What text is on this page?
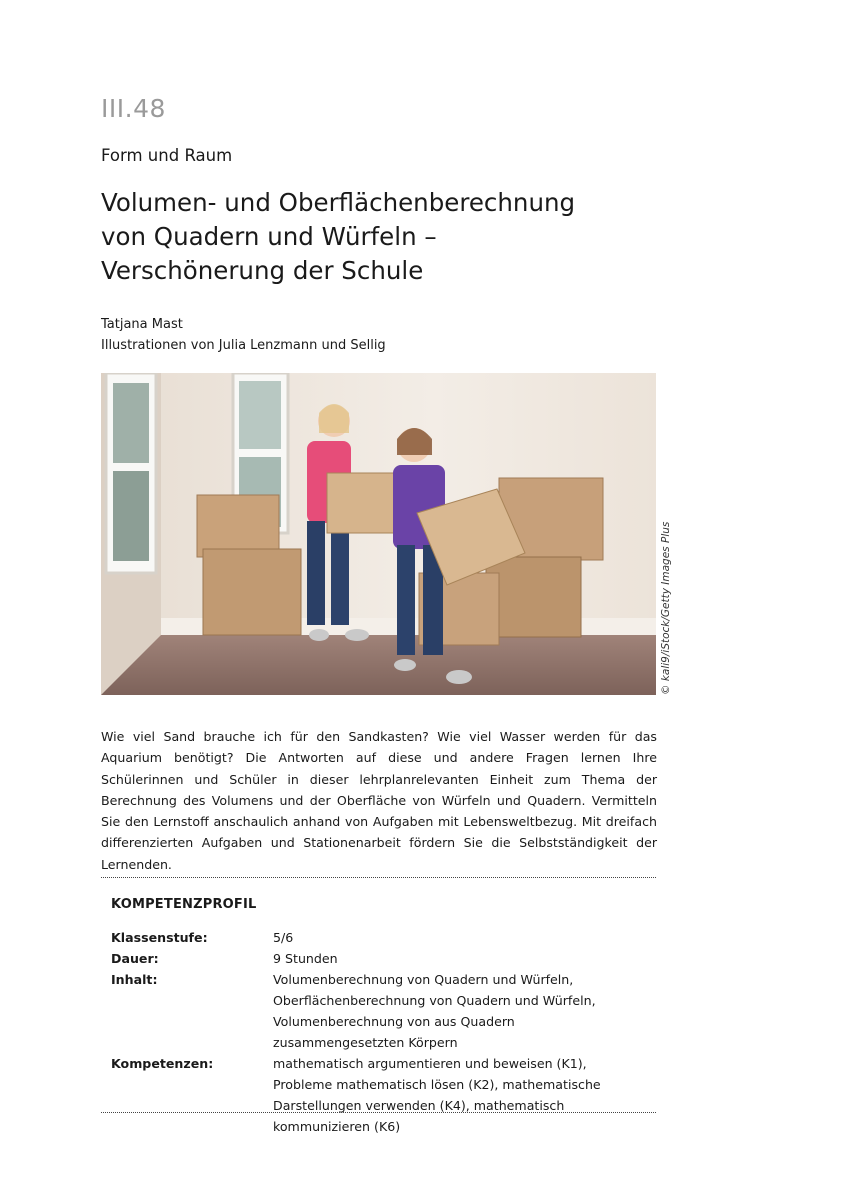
III.48
Form und Raum
Volumen- und Oberflächenberechnung
von Quadern und Würfeln –
Verschönerung der Schule
Tatjana Mast
Illustrationen von Julia Lenzmann und Sellig
© kali9/iStock/Getty Images Plus

Wie viel Sand brauche ich für den Sandkasten? Wie viel Wasser werden für das Aquarium benötigt? Die Antworten auf diese und andere Fragen lernen Ihre Schülerinnen und Schüler in dieser lehrplanrelevanten Einheit zum Thema der Berechnung des Volumens und der Oberfläche von Würfeln und Quadern. Vermitteln Sie den Lernstoff anschaulich anhand von Aufgaben mit Lebensweltbezug. Mit dreifach differenzierten Aufgaben und Stationenarbeit fördern Sie die Selbstständigkeit der Lernenden.

KOMPETENZPROFIL
Klassenstufe:	5/6
Dauer:	9 Stunden
Inhalt:	Volumenberechnung von Quadern und Würfeln, Oberflächenberechnung von Quadern und Würfeln, Volumenberechnung von aus Quadern zusammengesetzten Körpern
Kompetenzen:	mathematisch argumentieren und beweisen (K1), Probleme mathematisch lösen (K2), mathematische Darstellungen verwenden (K4), mathematisch kommunizieren (K6)
